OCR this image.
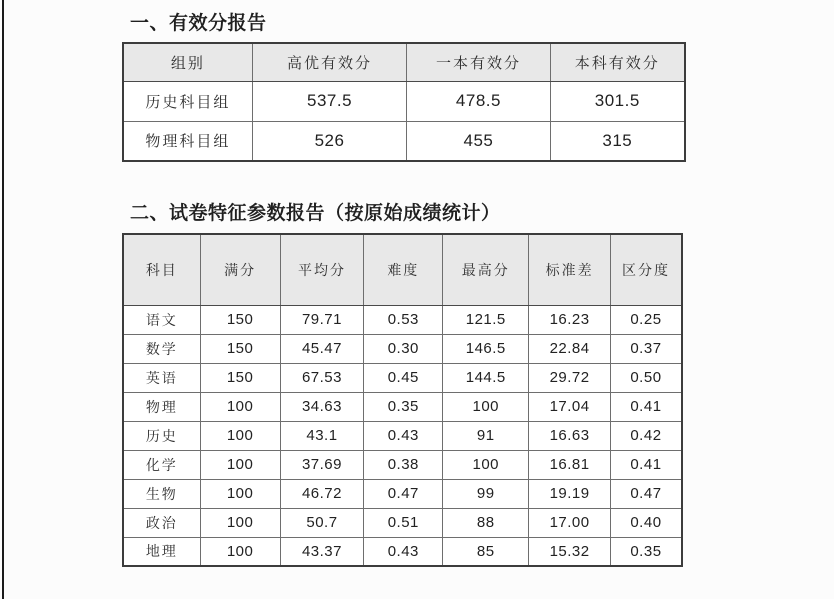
一、有效分报告
组别	高优有效分	一本有效分	本科有效分
历史科目组	537.5	478.5	301.5
物理科目组	526	455	315
二、试卷特征参数报告（按原始成绩统计）
科目	满分	平均分	难度	最高分	标准差	区分度
语文	150	79.71	0.53	121.5	16.23	0.25
数学	150	45.47	0.30	146.5	22.84	0.37
英语	150	67.53	0.45	144.5	29.72	0.50
物理	100	34.63	0.35	100	17.04	0.41
历史	100	43.1	0.43	91	16.63	0.42
化学	100	37.69	0.38	100	16.81	0.41
生物	100	46.72	0.47	99	19.19	0.47
政治	100	50.7	0.51	88	17.00	0.40
地理	100	43.37	0.43	85	15.32	0.35
